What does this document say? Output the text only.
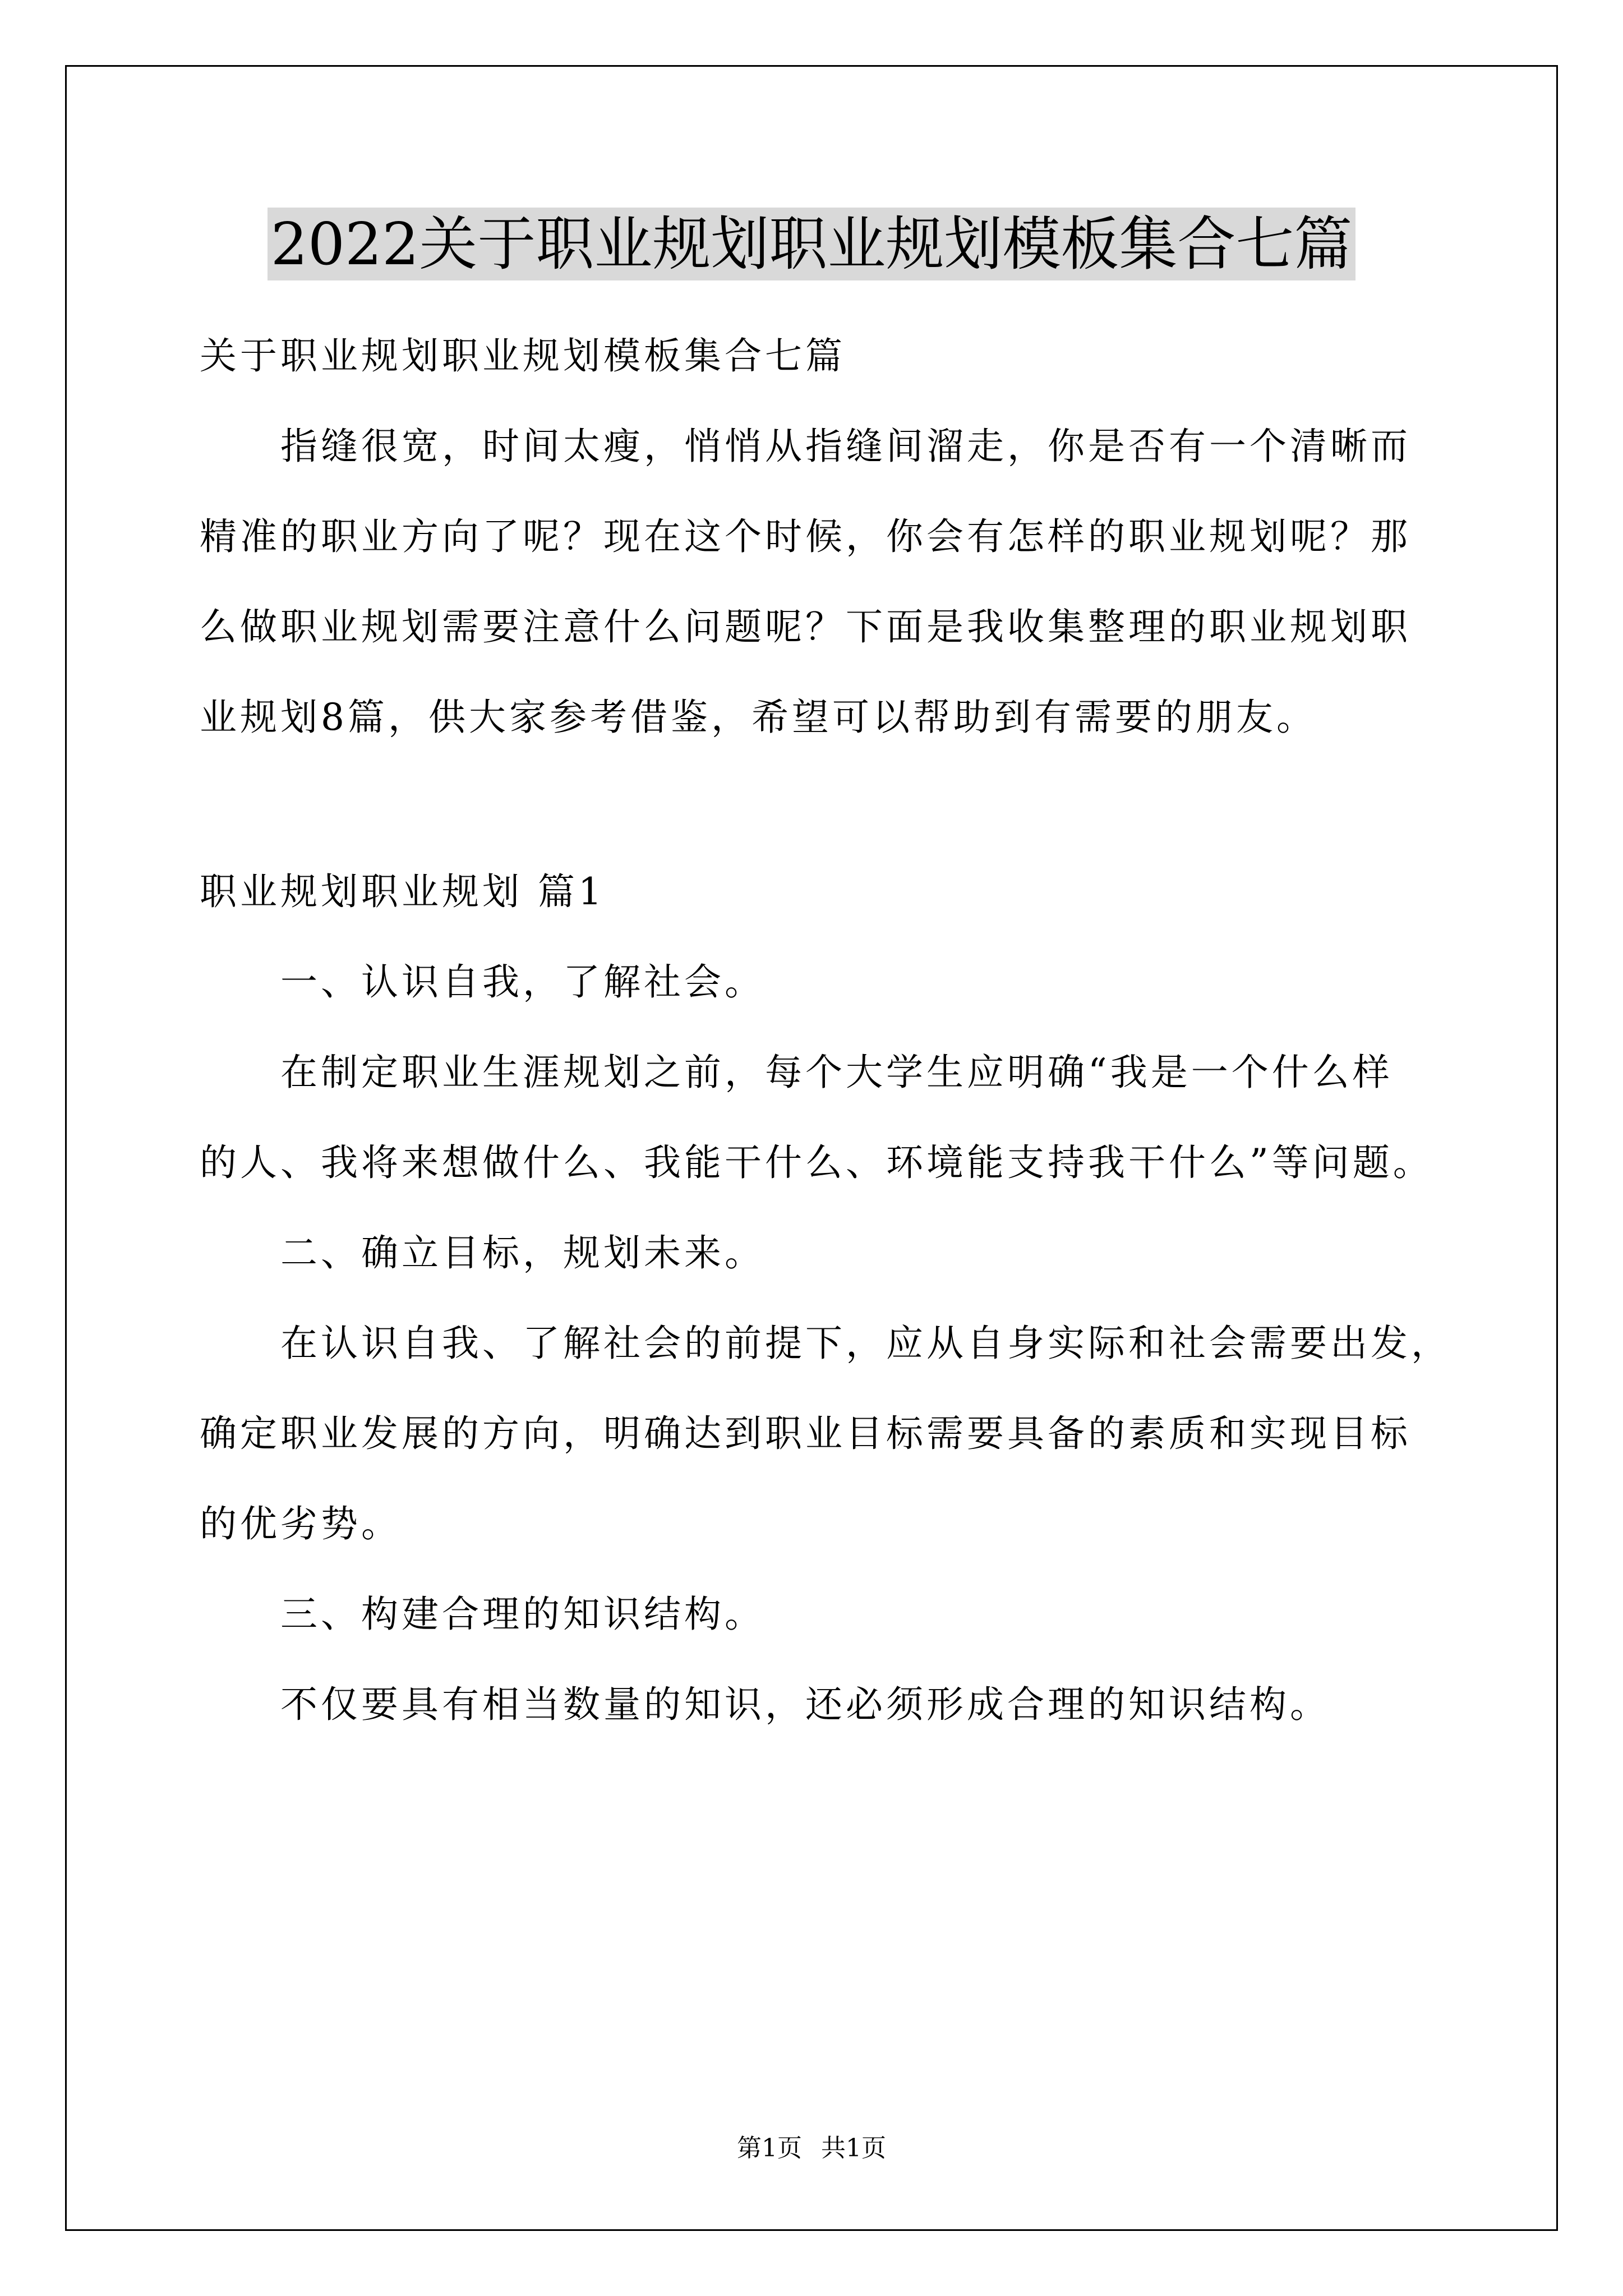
2022关于职业规划职业规划模板集合七篇

关于职业规划职业规划模板集合七篇

指缝很宽，时间太瘦，悄悄从指缝间溜走，你是否有一个清晰而

精准的职业方向了呢？现在这个时候，你会有怎样的职业规划呢？那

么做职业规划需要注意什么问题呢？下面是我收集整理的职业规划职

业规划8篇，供大家参考借鉴，希望可以帮助到有需要的朋友。

职业规划职业规划 篇1

一、认识自我，了解社会。

在制定职业生涯规划之前，每个大学生应明确“我是一个什么样

的人、我将来想做什么、我能干什么、环境能支持我干什么”等问题。

二、确立目标，规划未来。

在认识自我、了解社会的前提下，应从自身实际和社会需要出发，

确定职业发展的方向，明确达到职业目标需要具备的素质和实现目标

的优劣势。

三、构建合理的知识结构。

不仅要具有相当数量的知识，还必须形成合理的知识结构。

第1页 共1页
